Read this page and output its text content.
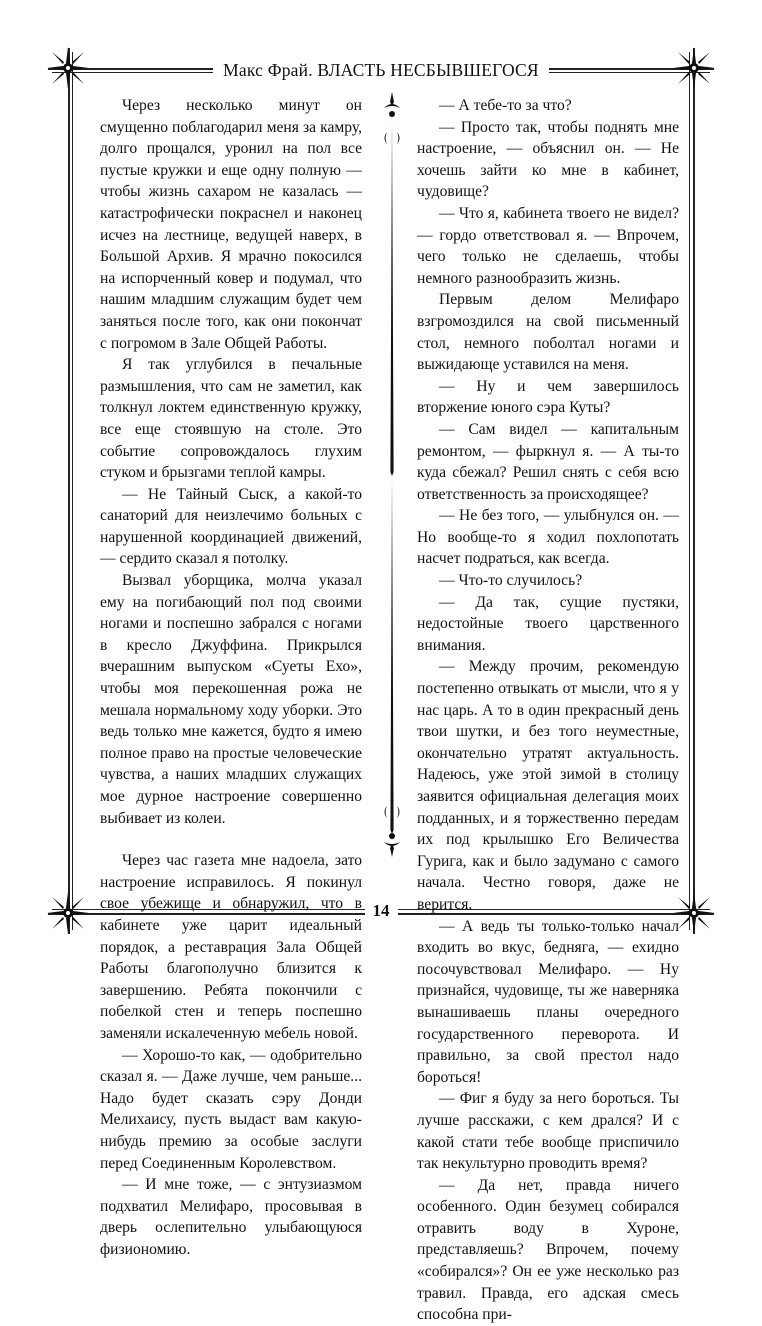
Макс Фрай. ВЛАСТЬ НЕСБЫВШЕГОСЯ

Через несколько минут он смущенно поблагодарил меня за камру, долго прощался, уронил на пол все пустые кружки и еще одну полную — чтобы жизнь сахаром не казалась — катастрофически покраснел и наконец исчез на лестнице, ведущей наверх, в Большой Архив. Я мрачно покосился на испорченный ковер и подумал, что нашим младшим служащим будет чем заняться после того, как они покончат с погромом в Зале Общей Работы.

Я так углубился в печальные размышления, что сам не заметил, как толкнул локтем единственную кружку, все еще стоявшую на столе. Это событие сопровождалось глухим стуком и брызгами теплой камры.

— Не Тайный Сыск, а какой-то санаторий для неизлечимо больных с нарушенной координацией движений, — сердито сказал я потолку.

Вызвал уборщика, молча указал ему на погибающий пол под своими ногами и поспешно забрался с ногами в кресло Джуффина. Прикрылся вчерашним выпуском «Суеты Ехо», чтобы моя перекошенная рожа не мешала нормальному ходу уборки. Это ведь только мне кажется, будто я имею полное право на простые человеческие чувства, а наших младших служащих мое дурное настроение совершенно выбивает из колеи.

Через час газета мне надоела, зато настроение исправилось. Я покинул свое убежище и обнаружил, что в кабинете уже царит идеальный порядок, а реставрация Зала Общей Работы благополучно близится к завершению. Ребята покончили с побелкой стен и теперь поспешно заменяли искалеченную мебель новой.

— Хорошо-то как, — одобрительно сказал я. — Даже лучше, чем раньше... Надо будет сказать сэру Донди Мелихаису, пусть выдаст вам какую-нибудь премию за особые заслуги перед Соединенным Королевством.

— И мне тоже, — с энтузиазмом подхватил Мелифаро, просовывая в дверь ослепительно улыбающуюся физиономию.

— А тебе-то за что?

— Просто так, чтобы поднять мне настроение, — объяснил он. — Не хочешь зайти ко мне в кабинет, чудовище?

— Что я, кабинета твоего не видел? — гордо ответствовал я. — Впрочем, чего только не сделаешь, чтобы немного разнообразить жизнь.

Первым делом Мелифаро взгромоздился на свой письменный стол, немного поболтал ногами и выжидающе уставился на меня.

— Ну и чем завершилось вторжение юного сэра Куты?

— Сам видел — капитальным ремонтом, — фыркнул я. — А ты-то куда сбежал? Решил снять с себя всю ответственность за происходящее?

— Не без того, — улыбнулся он. — Но вообще-то я ходил похлопотать насчет подраться, как всегда.

— Что-то случилось?

— Да так, сущие пустяки, недостойные твоего царственного внимания.

— Между прочим, рекомендую постепенно отвыкать от мысли, что я у нас царь. А то в один прекрасный день твои шутки, и без того неуместные, окончательно утратят актуальность. Надеюсь, уже этой зимой в столицу заявится официальная делегация моих подданных, и я торжественно передам их под крылышко Его Величества Гурига, как и было задумано с самого начала. Честно говоря, даже не верится.

— А ведь ты только-только начал входить во вкус, бедняга, — ехидно посочувствовал Мелифаро. — Ну признайся, чудовище, ты же наверняка вынашиваешь планы очередного государственного переворота. И правильно, за свой престол надо бороться!

— Фиг я буду за него бороться. Ты лучше расскажи, с кем дрался? И с какой стати тебе вообще приспичило так некультурно проводить время?

— Да нет, правда ничего особенного. Один безумец собирался отравить воду в Хуроне, представляешь? Впрочем, почему «собирался»? Он ее уже несколько раз травил. Правда, его адская смесь способна при-

14
